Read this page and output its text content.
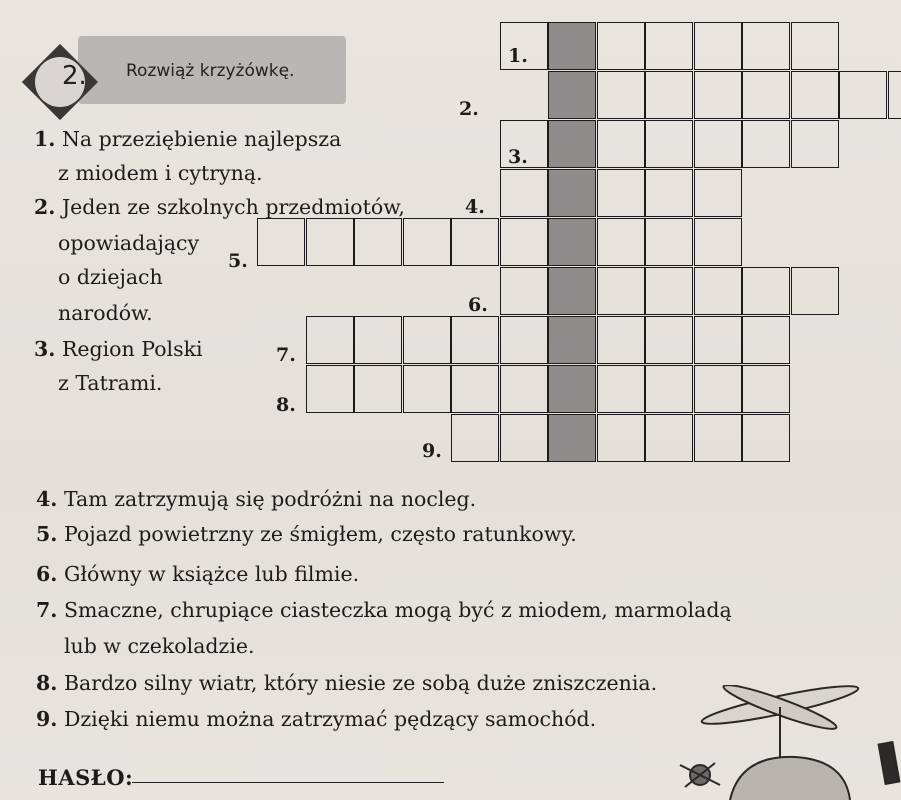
2. Rozwiąż krzyżówkę.

1. Na przeziębienie najlepsza
z miodem i cytryną.
2. Jeden ze szkolnych przedmiotów,
opowiadający
o dziejach
narodów.
3. Region Polski
z Tatrami.
1.
2.
3.
4.
5.
6.
7.
8.
9.
4. Tam zatrzymują się podróżni na nocleg.
5. Pojazd powietrzny ze śmigłem, często ratunkowy.
6. Główny w książce lub filmie.
7. Smaczne, chrupiące ciasteczka mogą być z miodem, marmoladą
lub w czekoladzie.
8. Bardzo silny wiatr, który niesie ze sobą duże zniszczenia.
9. Dzięki niemu można zatrzymać pędzący samochód.
HASŁO:
